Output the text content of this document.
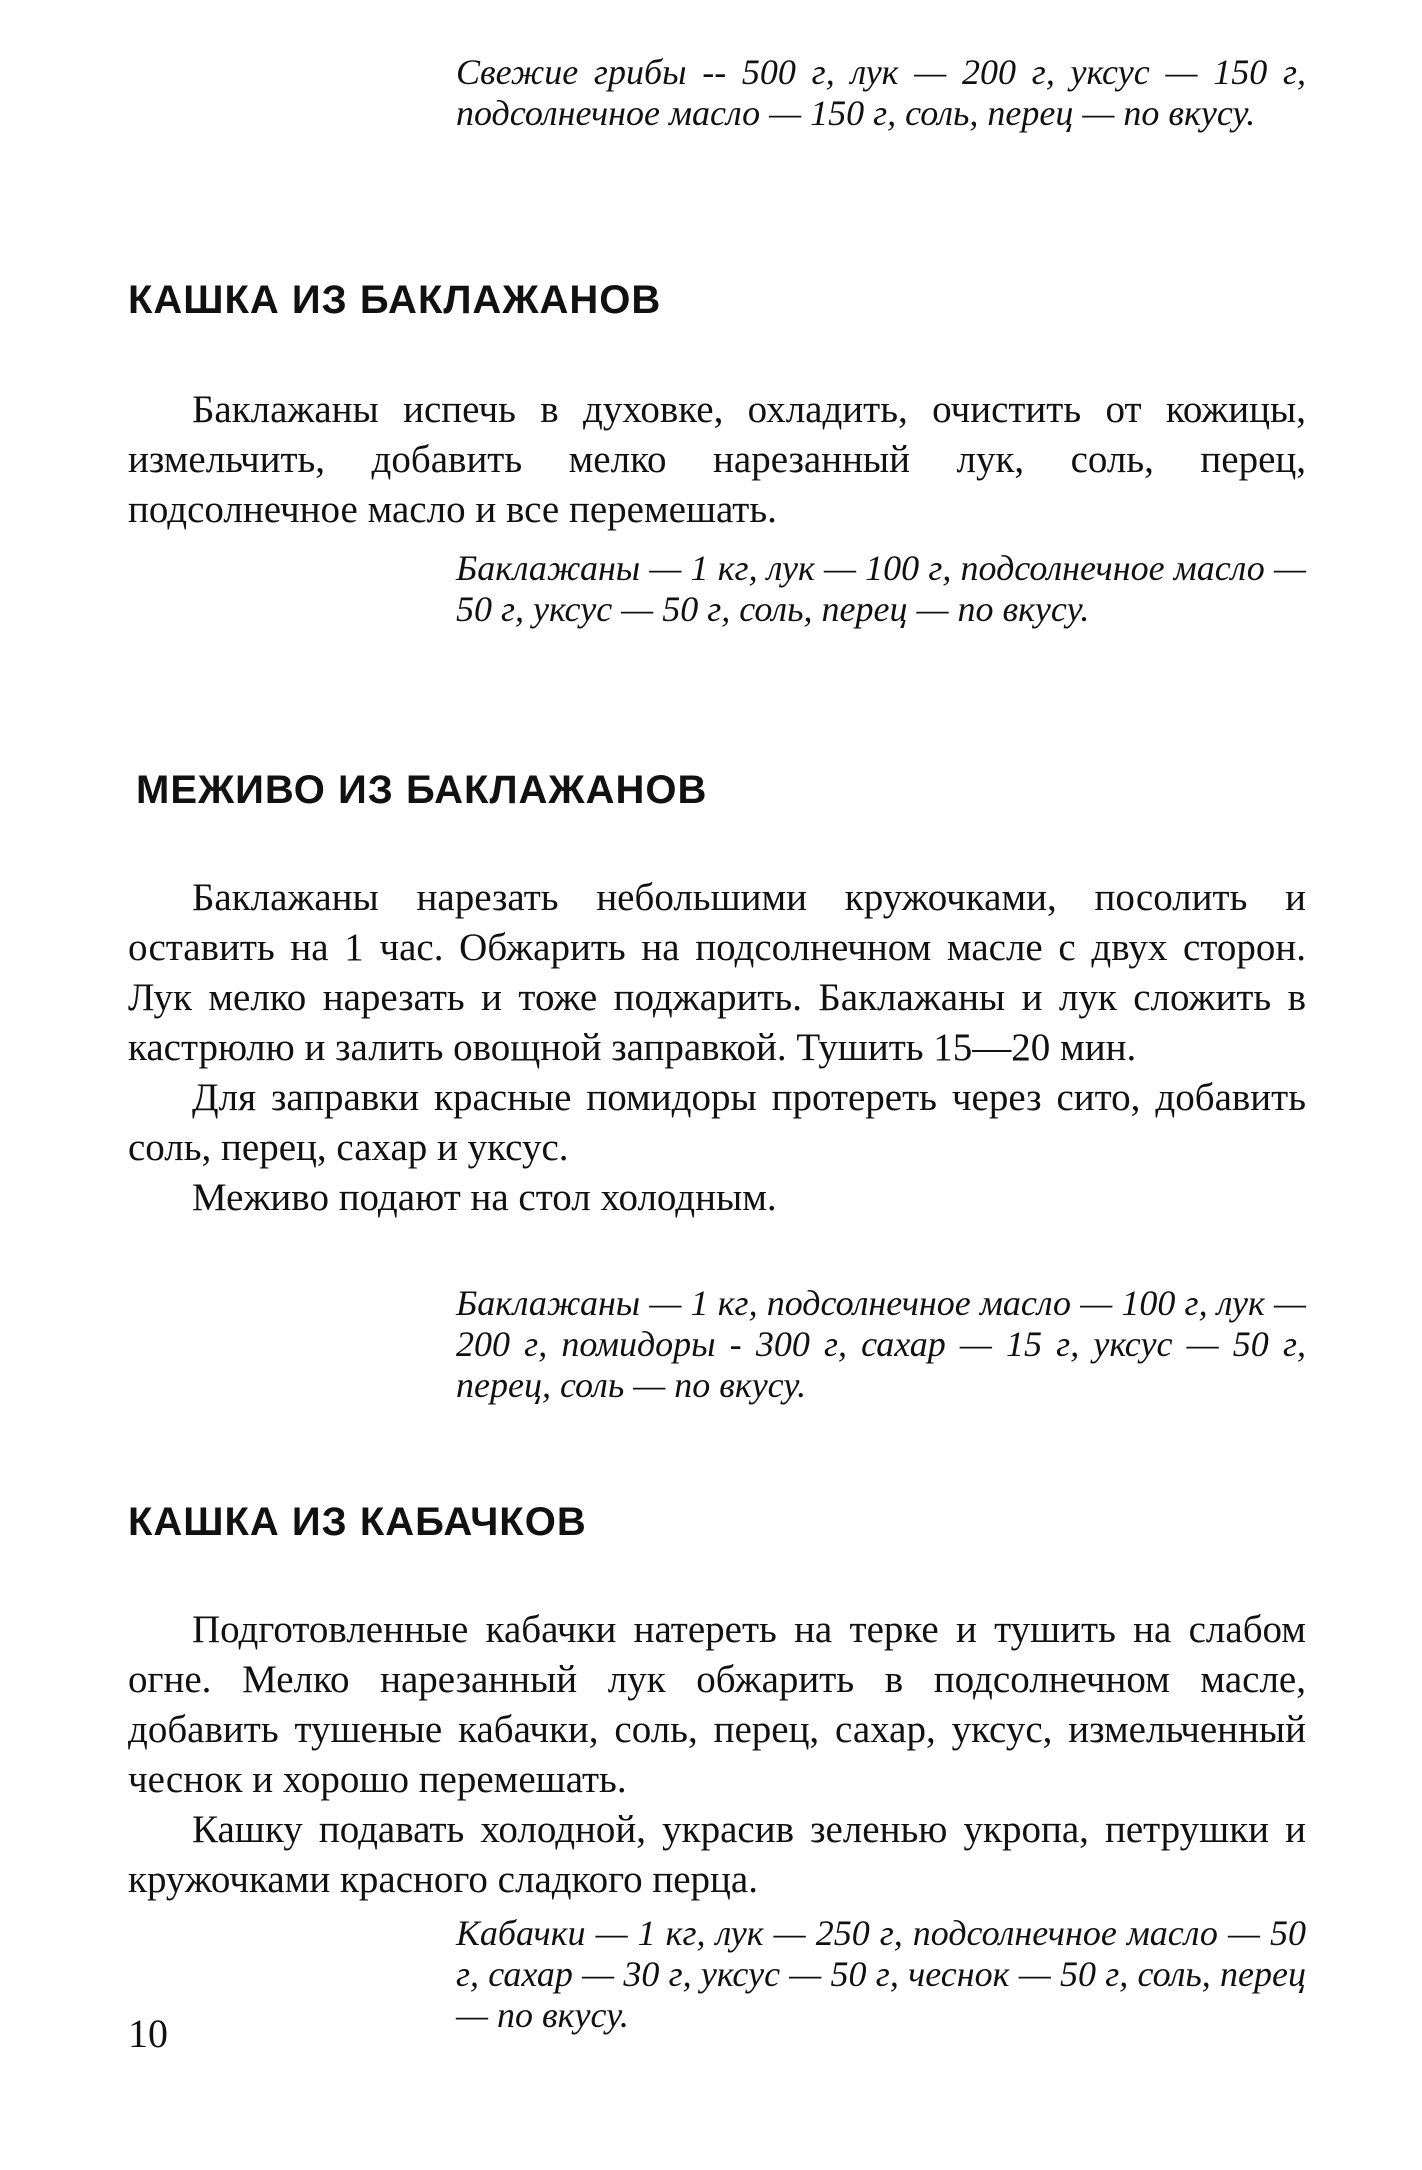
Свежие грибы -- 500 г, лук — 200 г, уксус — 150 г, подсолнечное масло — 150 г, соль, перец — по вкусу.

КАШКА ИЗ БАКЛАЖАНОВ

Баклажаны испечь в духовке, охладить, очистить от кожицы, измельчить, добавить мелко нарезанный лук, соль, перец, подсолнечное масло и все перемешать.

Баклажаны — 1 кг, лук — 100 г, подсолнечное масло — 50 г, уксус — 50 г, соль, перец — по вкусу.

МЕЖИВО ИЗ БАКЛАЖАНОВ

Баклажаны нарезать небольшими кружочками, посолить и оставить на 1 час. Обжарить на подсолнечном масле с двух сторон. Лук мелко нарезать и тоже поджарить. Баклажаны и лук сложить в кастрюлю и залить овощной заправкой. Тушить 15—20 мин.

Для заправки красные помидоры протереть через сито, добавить соль, перец, сахар и уксус.

Меживо подают на стол холодным.

Баклажаны — 1 кг, подсолнечное масло — 100 г, лук — 200 г, помидоры - 300 г, сахар — 15 г, уксус — 50 г, перец, соль — по вкусу.

КАШКА ИЗ КАБАЧКОВ

Подготовленные кабачки натереть на терке и тушить на слабом огне. Мелко нарезанный лук обжарить в подсолнечном масле, добавить тушеные кабачки, соль, перец, сахар, уксус, измельченный чеснок и хорошо перемешать.

Кашку подавать холодной, украсив зеленью укропа, петрушки и кружочками красного сладкого перца.

Кабачки — 1 кг, лук — 250 г, подсолнечное масло — 50 г, сахар — 30 г, уксус — 50 г, чеснок — 50 г, соль, перец — по вкусу.

10
